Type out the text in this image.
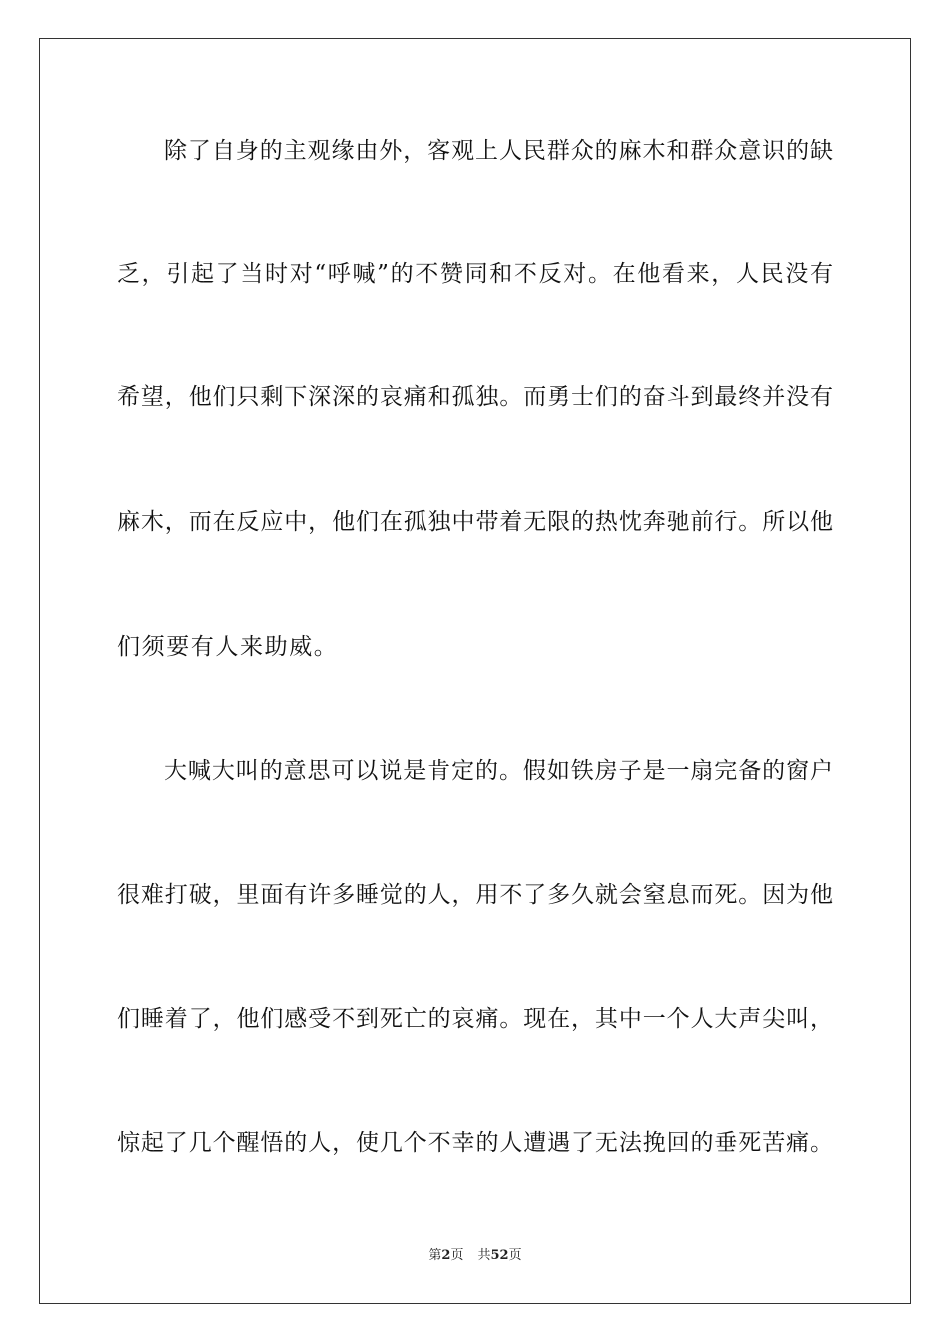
除了自身的主观缘由外，客观上人民群众的麻木和群众意识的缺
乏，引起了当时对“呼喊”的不赞同和不反对。在他看来，人民没有
希望，他们只剩下深深的哀痛和孤独。而勇士们的奋斗到最终并没有
麻木，而在反应中，他们在孤独中带着无限的热忱奔驰前行。所以他
们须要有人来助威。
大喊大叫的意思可以说是肯定的。假如铁房子是一扇完备的窗户
很难打破，里面有许多睡觉的人，用不了多久就会窒息而死。因为他
们睡着了，他们感受不到死亡的哀痛。现在，其中一个人大声尖叫，
惊起了几个醒悟的人，使几个不幸的人遭遇了无法挽回的垂死苦痛。
第2页 共52页
